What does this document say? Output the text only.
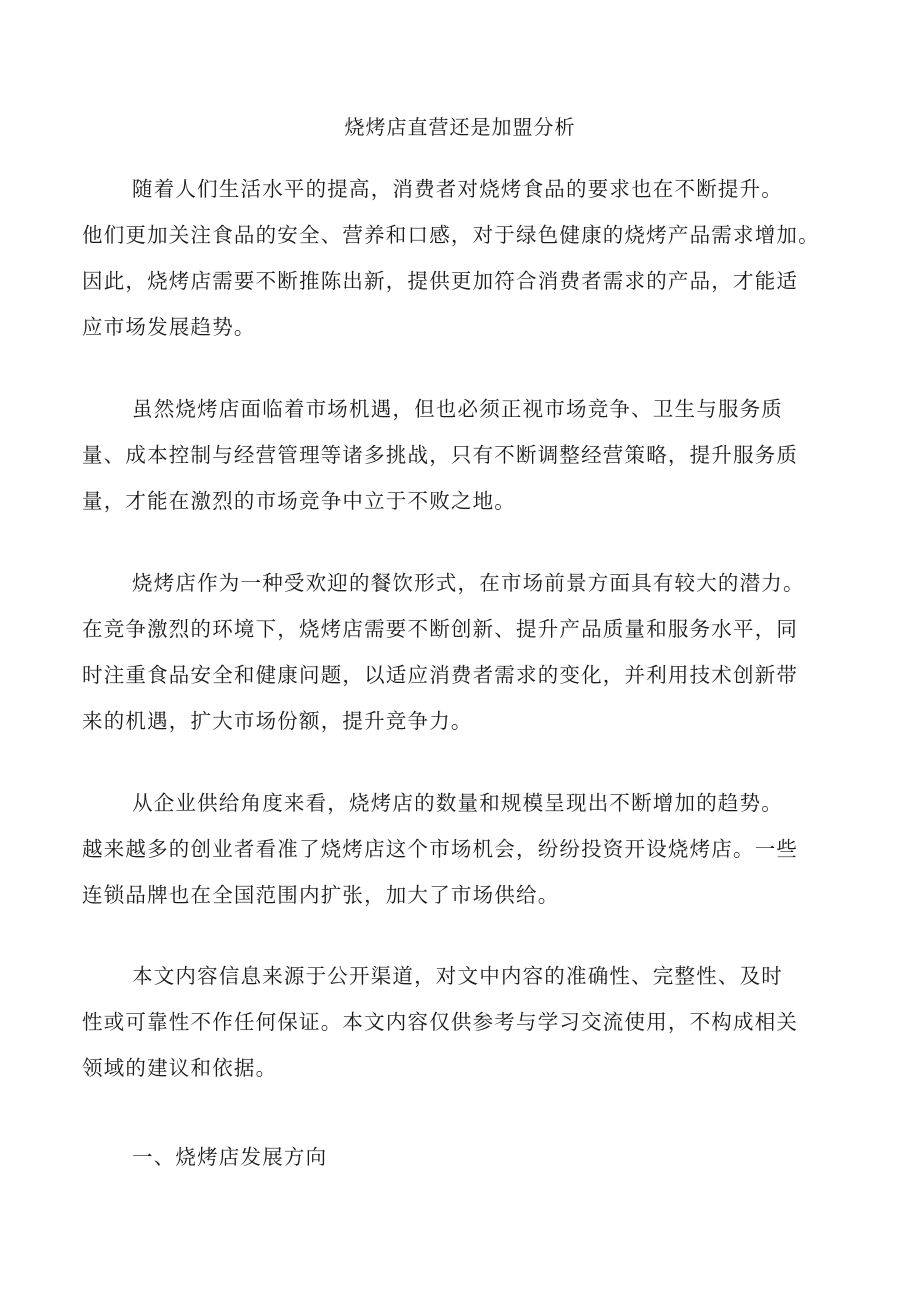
烧烤店直营还是加盟分析
随着人们生活水平的提高，消费者对烧烤食品的要求也在不断提升。
他们更加关注食品的安全、营养和口感，对于绿色健康的烧烤产品需求增加。
因此，烧烤店需要不断推陈出新，提供更加符合消费者需求的产品，才能适
应市场发展趋势。
虽然烧烤店面临着市场机遇，但也必须正视市场竞争、卫生与服务质
量、成本控制与经营管理等诸多挑战，只有不断调整经营策略，提升服务质
量，才能在激烈的市场竞争中立于不败之地。
烧烤店作为一种受欢迎的餐饮形式，在市场前景方面具有较大的潜力。
在竞争激烈的环境下，烧烤店需要不断创新、提升产品质量和服务水平，同
时注重食品安全和健康问题，以适应消费者需求的变化，并利用技术创新带
来的机遇，扩大市场份额，提升竞争力。
从企业供给角度来看，烧烤店的数量和规模呈现出不断增加的趋势。
越来越多的创业者看准了烧烤店这个市场机会，纷纷投资开设烧烤店。一些
连锁品牌也在全国范围内扩张，加大了市场供给。
本文内容信息来源于公开渠道，对文中内容的准确性、完整性、及时
性或可靠性不作任何保证。本文内容仅供参考与学习交流使用，不构成相关
领域的建议和依据。
一、烧烤店发展方向
